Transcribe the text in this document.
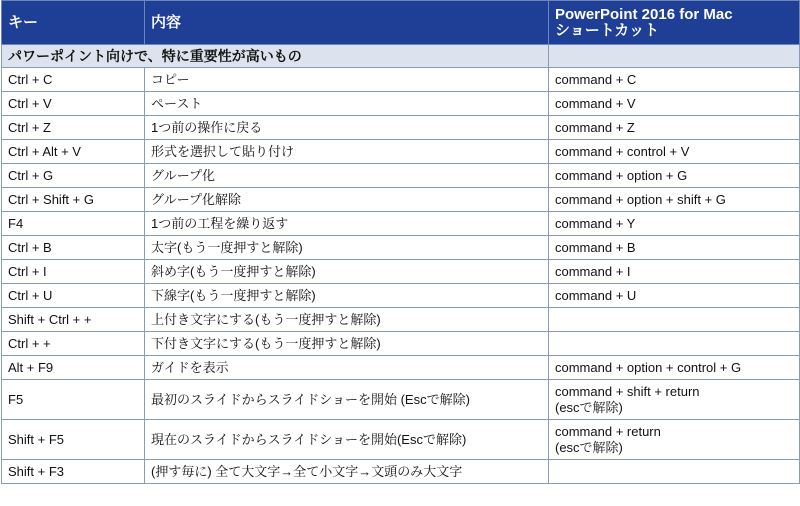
キー	内容	PowerPoint 2016 for Mac
ショートカット

パワーポイント向けで、特に重要性が高いもの		
Ctrl + C	コピー	command + C

Ctrl + V	ペースト	command + V

Ctrl + Z	1つ前の操作に戻る	command + Z

Ctrl + Alt + V	形式を選択して貼り付け	command + control + V

Ctrl + G	グループ化	command + option + G

Ctrl + Shift + G	グループ化解除	command + option + shift + G

F4	1つ前の工程を繰り返す	command + Y

Ctrl + B	太字(もう一度押すと解除)	command + B

Ctrl + I	斜め字(もう一度押すと解除)	command + I

Ctrl + U	下線字(もう一度押すと解除)	command + U

Shift + Ctrl + +	上付き文字にする(もう一度押すと解除)	
Ctrl + +	下付き文字にする(もう一度押すと解除)	
Alt + F9	ガイドを表示	command + option + control + G

F5	最初のスライドからスライドショーを開始 (Escで解除)	command + shift + return
(escで解除)

Shift + F5	現在のスライドからスライドショーを開始(Escで解除)	command + return
(escで解除)

Shift + F3	(押す毎に) 全て大文字→全て小文字→文頭のみ大文字	
